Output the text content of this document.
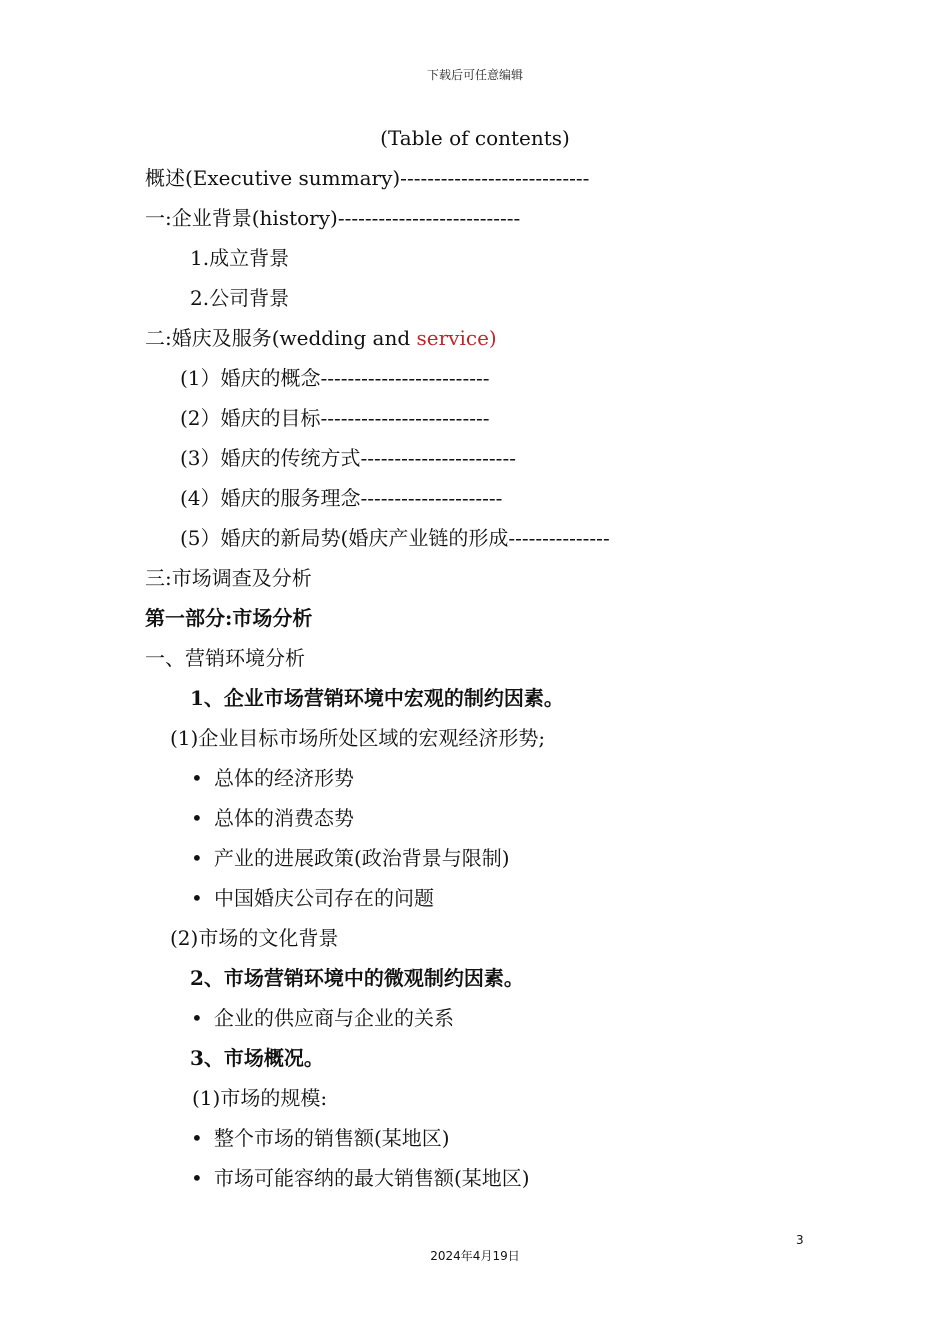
下载后可任意编辑
(Table of contents)
概述(Executive summary)----------------------------
一:企业背景(history)---------------------------
1.成立背景
2.公司背景
二:婚庆及服务(wedding and service)
(1）婚庆的概念-------------------------
(2）婚庆的目标-------------------------
(3）婚庆的传统方式-----------------------
(4）婚庆的服务理念---------------------
(5）婚庆的新局势(婚庆产业链的形成---------------
三:市场调查及分析
第一部分:市场分析
一、营销环境分析
1、企业市场营销环境中宏观的制约因素。
(1)企业目标市场所处区域的宏观经济形势;
• 总体的经济形势
• 总体的消费态势
• 产业的进展政策(政治背景与限制)
• 中国婚庆公司存在的问题
(2)市场的文化背景
2、市场营销环境中的微观制约因素。
• 企业的供应商与企业的关系
3、市场概况。
(1)市场的规模:
• 整个市场的销售额(某地区)
• 市场可能容纳的最大销售额(某地区)
3
2024年4月19日
